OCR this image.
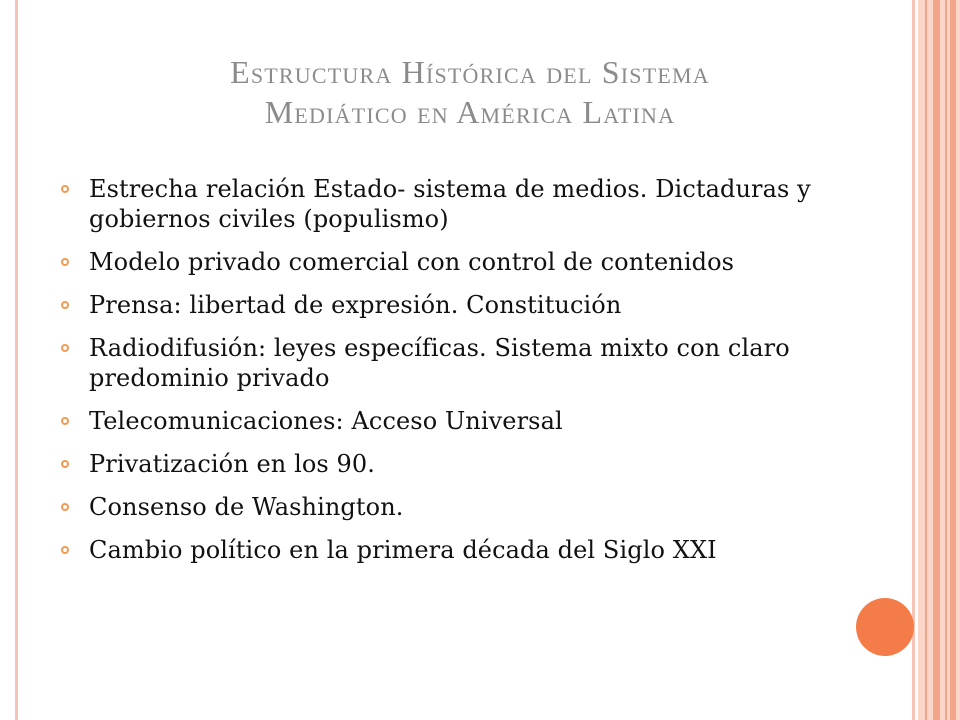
Estructura Hístórica del Sistema
Mediático en América Latina
Estrecha relación Estado- sistema de medios. Dictaduras y gobiernos civiles (populismo)
Modelo privado comercial con control de contenidos
Prensa: libertad de expresión. Constitución
Radiodifusión: leyes específicas. Sistema mixto con claro predominio privado
Telecomunicaciones: Acceso Universal
Privatización en los 90.
Consenso de Washington.
Cambio político en la primera década del Siglo XXI
